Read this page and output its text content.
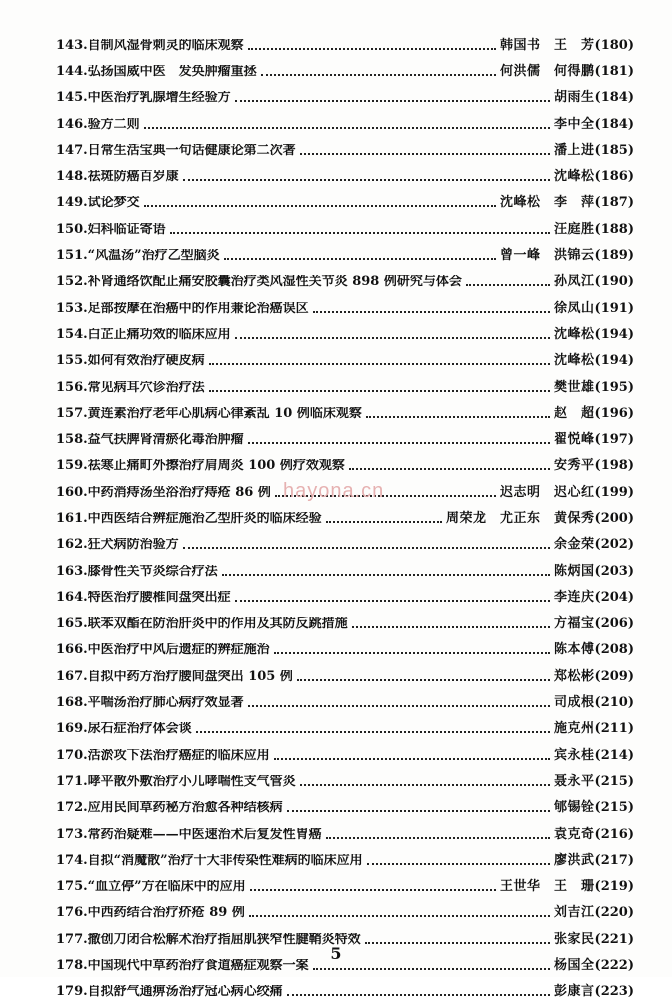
143. 自制风湿骨刺灵的临床观察	韩国书　王　芳 (180)
144. 弘扬国威中医　发奂肿瘤重拯	何洪儒　何得鹏 (181)
145. 中医治疗乳腺增生经验方	胡雨生 (184)
146. 验方二则	李中全 (184)
147. 日常生活宝典一句话健康论第二次著	潘上进 (185)
148. 祛斑防癌百岁康	沈峰松 (186)
149. 试论梦交	沈峰松　李　萍 (187)
150. 妇科临证寄语	汪庭胜 (188)
151. “风温汤”治疗乙型脑炎	曾一峰　洪锦云 (189)
152. 补肾通络饮配止痛安胶囊治疗类风湿性关节炎 898 例研究与体会	孙凤江 (190)
153. 足部按摩在治癌中的作用兼论治癌误区	徐凤山 (191)
154. 白芷止痛功效的临床应用	沈峰松 (194)
155. 如何有效治疗硬皮病	沈峰松 (194)
156. 常见病耳穴诊治疗法	樊世雄 (195)
157. 黄连素治疗老年心肌病心律紊乱 10 例临床观察	赵　超 (196)
158. 益气扶脾肾清瘀化毒治肿瘤	翟悦峰 (197)
159. 祛寒止痛町外擦治疗肩周炎 100 例疗效观察	安秀平 (198)
160. 中药消痔汤坐浴治疗痔疮 86 例	迟志明　迟心红 (199)
161. 中西医结合辨症施治乙型肝炎的临床经验	周荣龙　尤正东　黄保秀 (200)
162. 狂犬病防治验方	余金荣 (202)
163. 膝骨性关节炎综合疗法	陈炳国 (203)
164. 特医治疗腰椎间盘突出症	李连庆 (204)
165. 联苯双酯在防治肝炎中的作用及其防反跳措施	方福宝 (206)
166. 中医治疗中风后遗症的辨症施治	陈本傅 (208)
167. 自拟中药方治疗腰间盘突出 105 例	郑松彬 (209)
168. 平喘汤治疗肺心病疗效显著	司成根 (210)
169. 尿石症治疗体会谈	施克州 (211)
170. 活淤攻下法治疗癌症的临床应用	宾永桂 (214)
171. 哮平散外敷治疗小儿哮喘性支气管炎	聂永平 (215)
172. 应用民间草药秘方治愈各种结核病	郇锡铨 (215)
173. 常药治疑难——中医速治术后复发性胃癌	袁克奇 (216)
174. 自拟“消魔散”治疗十大非传染性难病的临床应用	廖洪武 (217)
175. “血立停”方在临床中的应用	王世华　王　珊 (219)
176. 中西药结合治疗疥疮 89 例	刘吉江 (220)
177. 撤创刀闭合松解术治疗指屈肌狭窄性腱鞘炎特效	张家民 (221)
178. 中国现代中草药治疗食道癌症观察一案	杨国全 (222)
179. 自拟舒气通痹汤治疗冠心病心绞痛	彭康言 (223)
hayona.cn
5
